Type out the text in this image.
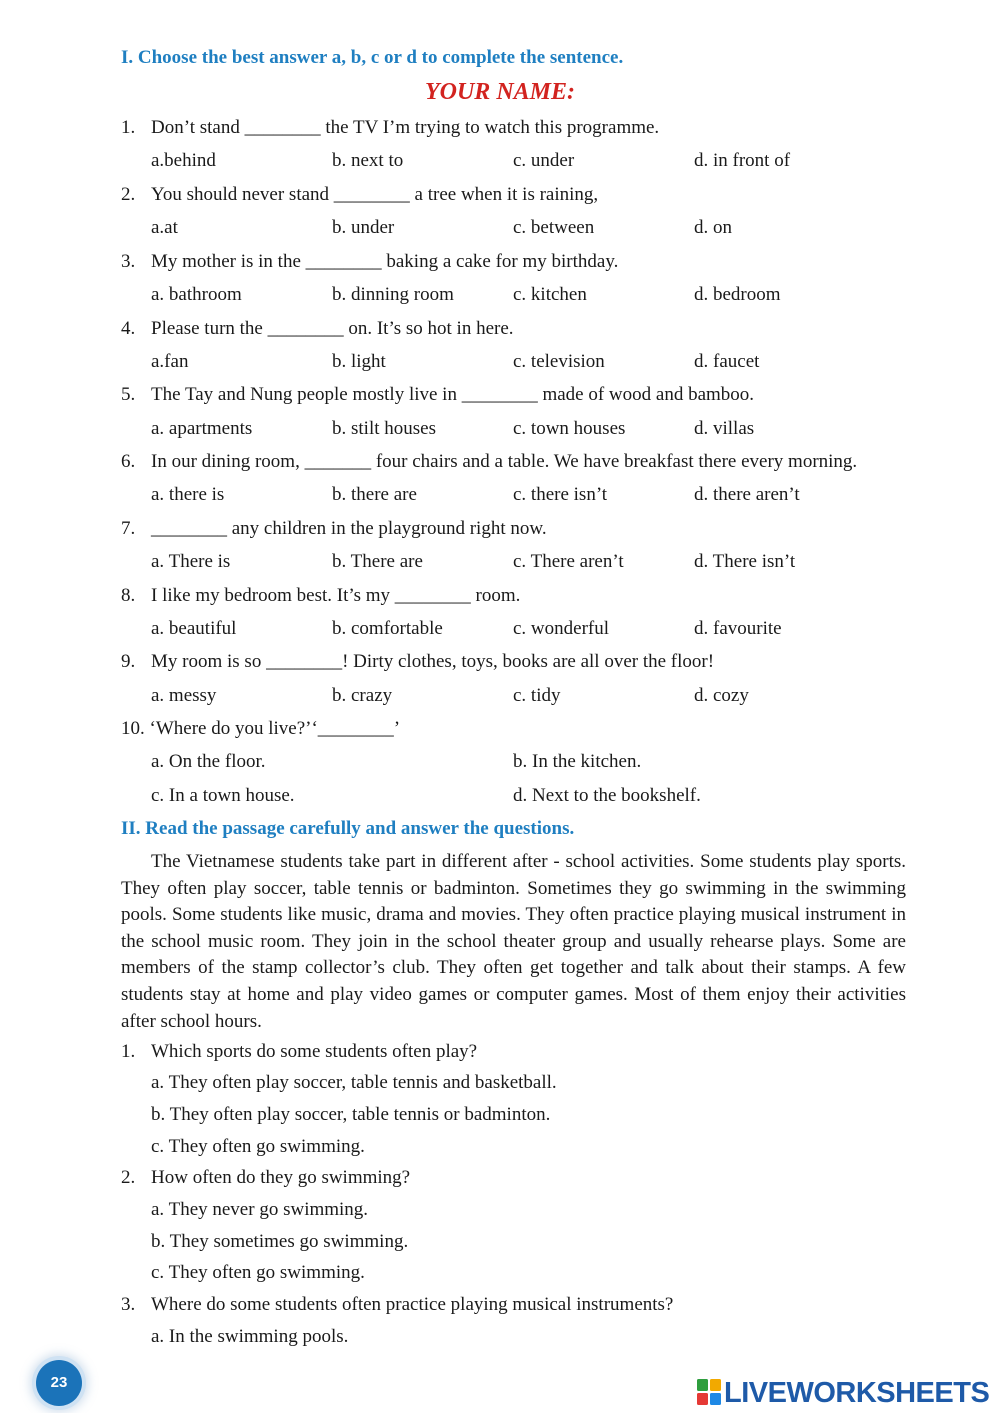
I. Choose the best answer a, b, c or d to complete the sentence.
YOUR NAME:
1. Don’t stand ________ the TV I’m trying to watch this programme.
a.behind	b. next to	c. under	d. in front of
2. You should never stand ________ a tree when it is raining,
a.at	b. under	c. between	d. on
3. My mother is in the ________ baking a cake for my birthday.
a. bathroom	b. dinning room	c. kitchen	d. bedroom
4. Please turn the ________ on. It’s so hot in here.
a.fan	b. light	c. television	d. faucet
5. The Tay and Nung people mostly live in ________ made of wood and bamboo.
a. apartments	b. stilt houses	c. town houses	d. villas
6. In our dining room, _______ four chairs and a table. We have breakfast there every morning.
a. there is	b. there are	c. there isn’t	d. there aren’t
7. ________ any children in the playground right now.
a. There is	b. There are	c. There aren’t	d. There isn’t
8. I like my bedroom best. It’s my ________ room.
a. beautiful	b. comfortable	c. wonderful	d. favourite
9. My room is so ________! Dirty clothes, toys, books are all over the floor!
a. messy	b. crazy	c. tidy	d. cozy
10. ‘Where do you live?’‘________’
a. On the floor.	b. In the kitchen.
c. In a town house.	d. Next to the bookshelf.
II. Read the passage carefully and answer the questions.

The Vietnamese students take part in different after - school activities. Some students play sports. They often play soccer, table tennis or badminton. Sometimes they go swimming in the swimming pools. Some students like music, drama and movies. They often practice playing musical instrument in the school music room. They join in the school theater group and usually rehearse plays. Some are members of the stamp collector’s club. They often get together and talk about their stamps. A few students stay at home and play video games or computer games. Most of them enjoy their activities after school hours.

1. Which sports do some students often play?
a. They often play soccer, table tennis and basketball.
b. They often play soccer, table tennis or badminton.
c. They often go swimming.
2. How often do they go swimming?
a. They never go swimming.
b. They sometimes go swimming.
c. They often go swimming.
3. Where do some students often practice playing musical instruments?
a. In the swimming pools.
23	LIVEWORKSHEETS
